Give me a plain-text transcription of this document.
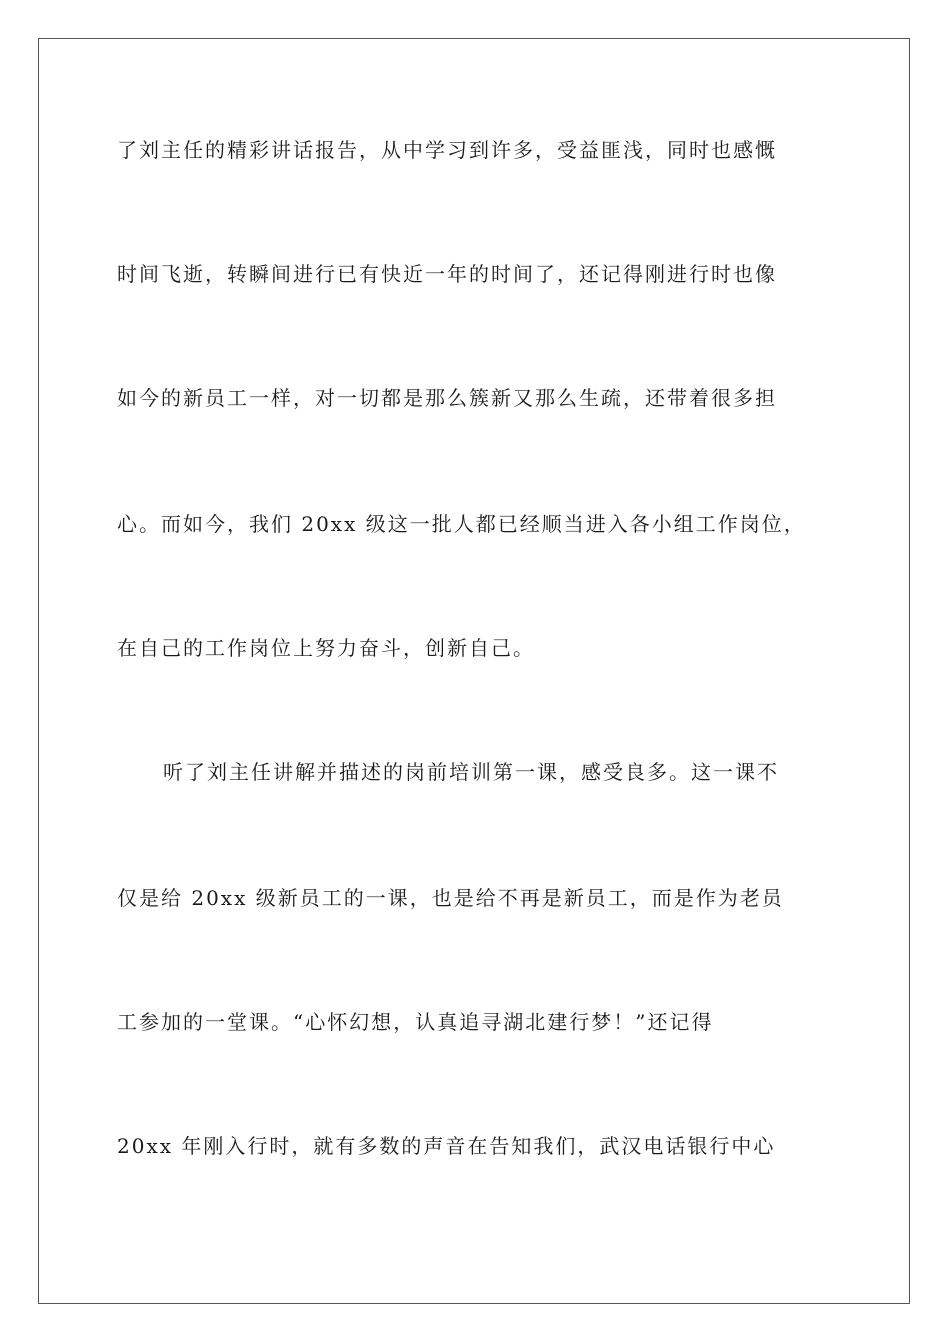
了刘主任的精彩讲话报告，从中学习到许多，受益匪浅，同时也感慨
时间飞逝，转瞬间进行已有快近一年的时间了，还记得刚进行时也像
如今的新员工一样，对一切都是那么簇新又那么生疏，还带着很多担
心。而如今，我们 20xx 级这一批人都已经顺当进入各小组工作岗位，
在自己的工作岗位上努力奋斗，创新自己。
听了刘主任讲解并描述的岗前培训第一课，感受良多。这一课不
仅是给 20xx 级新员工的一课，也是给不再是新员工，而是作为老员
工参加的一堂课。“心怀幻想，认真追寻湖北建行梦！”还记得
20xx 年刚入行时，就有多数的声音在告知我们，武汉电话银行中心
